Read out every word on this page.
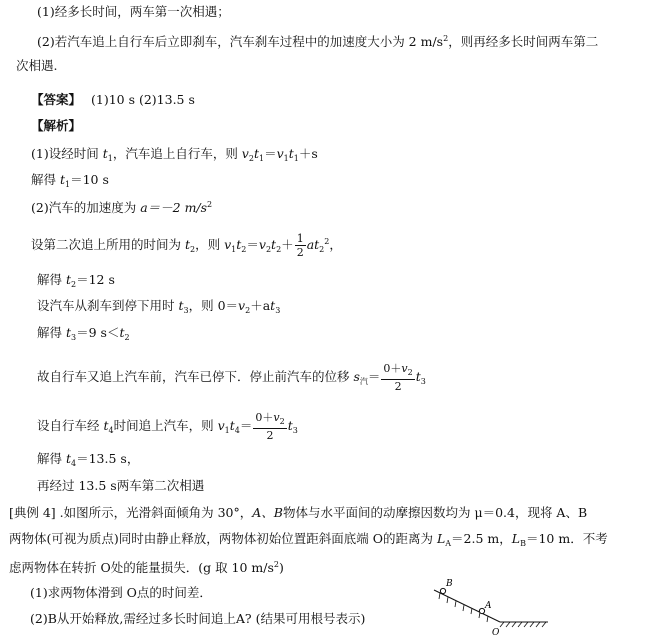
(1)经多长时间，两车第一次相遇；
(2)若汽车追上自行车后立即刹车，汽车刹车过程中的加速度大小为 2 $m/s^2$，则再经多长时间两车第二
次相遇.
【答案】 (1)10 s (2)13.5 s
【解析】
(1)设经时间 $t_1$，汽车追上自行车，则 $v_2t_1=v_1t_1+s$
解得 $t_1=10$ s
(2)汽车的加速度为 a＝－2 $m/s^2$
设第二次追上所用的时间为 $t_2$，则 $v_1t_2=v_2t_2+ \frac{1}{2} at_2^2$，
解得 $t_2=12$ s
设汽车从刹车到停下用时 $t_3$，则 $0=v_2+at_3$
解得 $t_3=9$ $s<t_2$
故自行车又追上汽车前，汽车已停下．停止前汽车的位移 $s_汽= \frac{0+v_2}{2} t_3$
设自行车经 $t_4$时间追上汽车，则 $v_1t_4= \frac{0+v_2}{2} t_3$
解得 $t_4=13.5$ s，
再经过 13.5 s两车第二次相遇
[典例 4] .如图所示，光滑斜面倾角为 30°，A、B物体与水平面间的动摩擦因数均为 μ＝0.4，现将 A、B
两物体(可视为质点)同时由静止释放，两物体初始位置距斜面底端 O的距离为 $L_A=2.5$ m，$L_B=10$ m．不考
虑两物体在转折 O处的能量损失．(g 取 10 $m/s^2$)
(1)求两物体滑到 O点的时间差．
(2)B从开始释放,需经过多长时间追上A? (结果可用根号表示)
B
A
O
